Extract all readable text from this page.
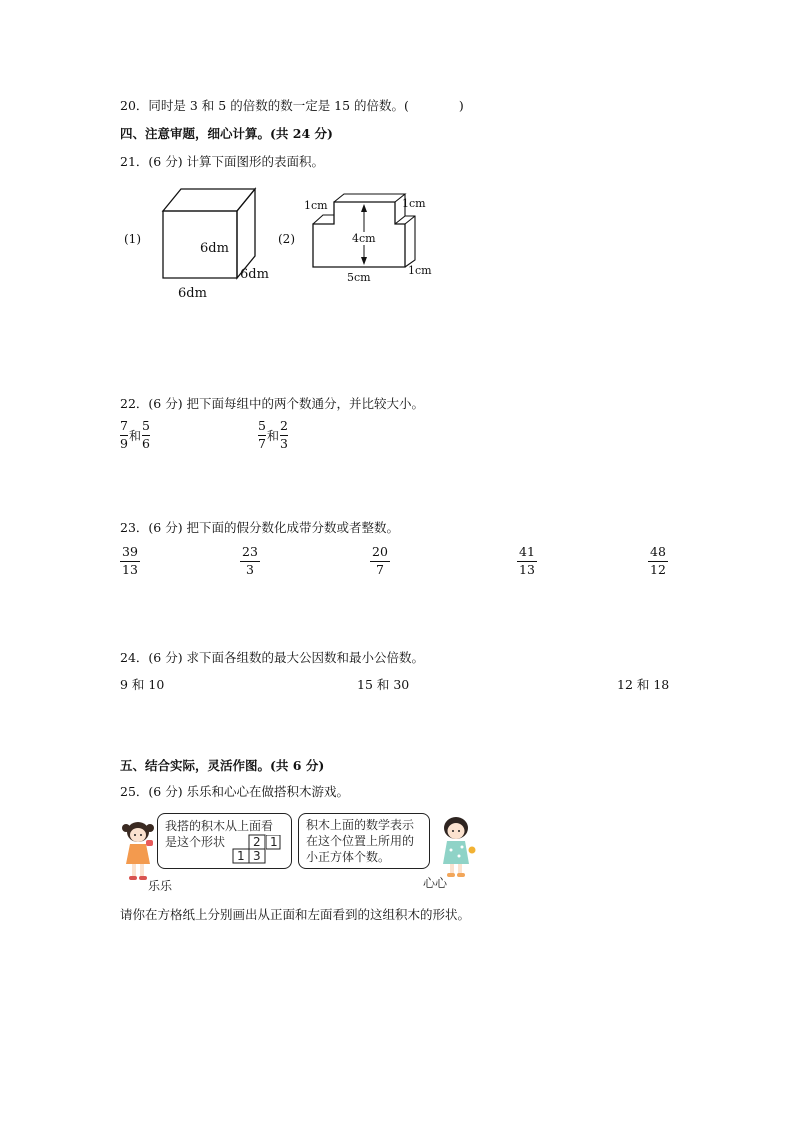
20．同时是 3 和 5 的倍数的数一定是 15 的倍数。(　　　　)
四、注意审题，细心计算。(共 24 分)
21．(6 分) 计算下面图形的表面积。
(1)
6dm
6dm
6dm
(2)
1cm	1cm
4cm
5cm
1cm
22．(6 分) 把下面每组中的两个数通分，并比较大小。
$\frac{7}{9}$ 和 $\frac{5}{6}$	$\frac{5}{7}$ 和 $\frac{2}{3}$
23．(6 分) 把下面的假分数化成带分数或者整数。
39
13
23
3
20
7
41
13
48
12
24．(6 分) 求下面各组数的最大公因数和最小公倍数。
9 和 10	15 和 30	12 和 18
五、结合实际，灵活作图。(共 6 分)
25．(6 分) 乐乐和心心在做搭积木游戏。
乐乐
我搭的积木从上面看
是这个形状 2 1
1 3
积木上面的数学表示
在这个位置上所用的
小正方体个数。
心心
请你在方格纸上分别画出从正面和左面看到的这组积木的形状。
